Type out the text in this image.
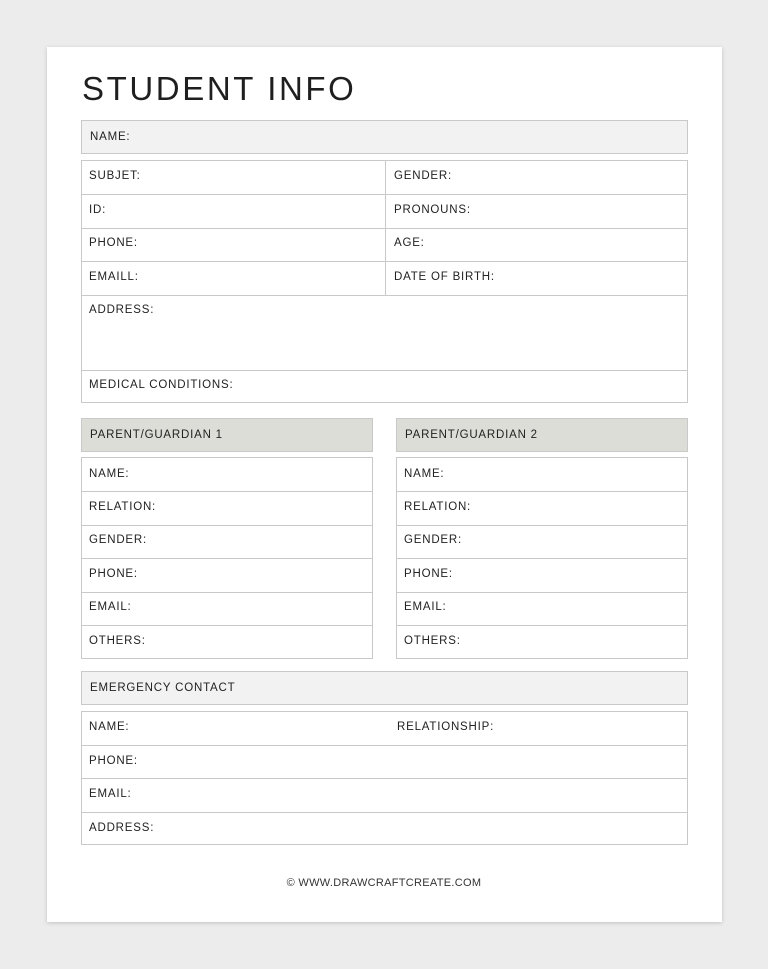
STUDENT INFO
NAME:
SUBJET:	GENDER:
ID:	PRONOUNS:
PHONE:	AGE:
EMAILL:	DATE OF BIRTH:
ADDRESS:
MEDICAL CONDITIONS:
PARENT/GUARDIAN 1
NAME:
RELATION:
GENDER:
PHONE:
EMAIL:
OTHERS:
PARENT/GUARDIAN 2
NAME:
RELATION:
GENDER:
PHONE:
EMAIL:
OTHERS:
EMERGENCY CONTACT
NAME:	RELATIONSHIP:
PHONE:
EMAIL:
ADDRESS:
© WWW.DRAWCRAFTCREATE.COM
